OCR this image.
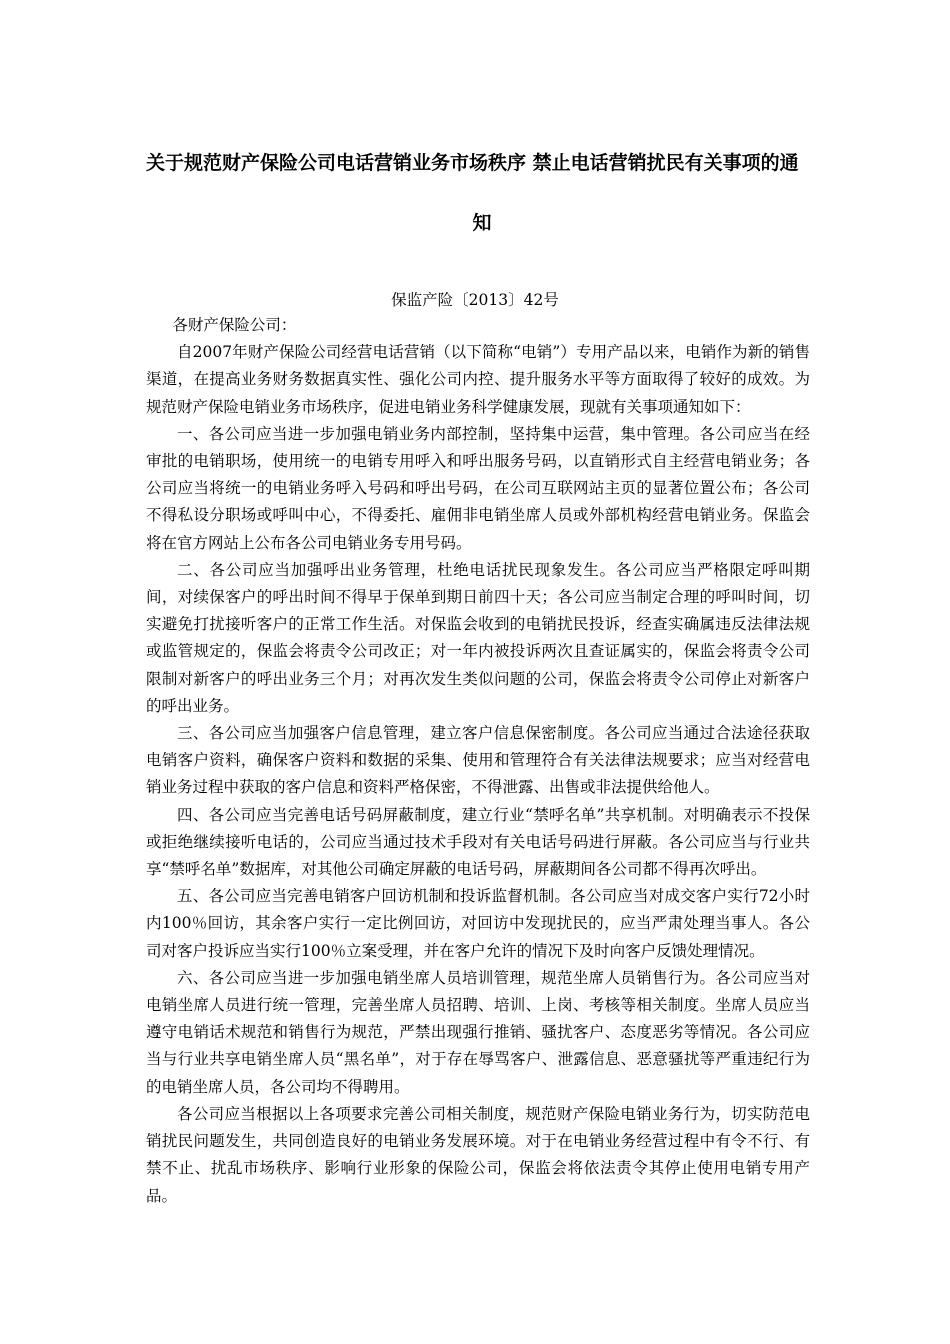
关于规范财产保险公司电话营销业务市场秩序 禁止电话营销扰民有关事项的通
知
保监产险〔2013〕42号

各财产保险公司：

自2007年财产保险公司经营电话营销（以下简称“电销”）专用产品以来，电销作为新的销售渠道，在提高业务财务数据真实性、强化公司内控、提升服务水平等方面取得了较好的成效。为规范财产保险电销业务市场秩序，促进电销业务科学健康发展，现就有关事项通知如下：

一、各公司应当进一步加强电销业务内部控制，坚持集中运营，集中管理。各公司应当在经审批的电销职场，使用统一的电销专用呼入和呼出服务号码，以直销形式自主经营电销业务；各公司应当将统一的电销业务呼入号码和呼出号码，在公司互联网站主页的显著位置公布；各公司不得私设分职场或呼叫中心，不得委托、雇佣非电销坐席人员或外部机构经营电销业务。保监会将在官方网站上公布各公司电销业务专用号码。

二、各公司应当加强呼出业务管理，杜绝电话扰民现象发生。各公司应当严格限定呼叫期间，对续保客户的呼出时间不得早于保单到期日前四十天；各公司应当制定合理的呼叫时间，切实避免打扰接听客户的正常工作生活。对保监会收到的电销扰民投诉，经查实确属违反法律法规或监管规定的，保监会将责令公司改正；对一年内被投诉两次且查证属实的，保监会将责令公司限制对新客户的呼出业务三个月；对再次发生类似问题的公司，保监会将责令公司停止对新客户的呼出业务。

三、各公司应当加强客户信息管理，建立客户信息保密制度。各公司应当通过合法途径获取电销客户资料，确保客户资料和数据的采集、使用和管理符合有关法律法规要求；应当对经营电销业务过程中获取的客户信息和资料严格保密，不得泄露、出售或非法提供给他人。

四、各公司应当完善电话号码屏蔽制度，建立行业“禁呼名单”共享机制。对明确表示不投保或拒绝继续接听电话的，公司应当通过技术手段对有关电话号码进行屏蔽。各公司应当与行业共享“禁呼名单”数据库，对其他公司确定屏蔽的电话号码，屏蔽期间各公司都不得再次呼出。

五、各公司应当完善电销客户回访机制和投诉监督机制。各公司应当对成交客户实行72小时内100％回访，其余客户实行一定比例回访，对回访中发现扰民的，应当严肃处理当事人。各公司对客户投诉应当实行100％立案受理，并在客户允许的情况下及时向客户反馈处理情况。

六、各公司应当进一步加强电销坐席人员培训管理，规范坐席人员销售行为。各公司应当对电销坐席人员进行统一管理，完善坐席人员招聘、培训、上岗、考核等相关制度。坐席人员应当遵守电销话术规范和销售行为规范，严禁出现强行推销、骚扰客户、态度恶劣等情况。各公司应当与行业共享电销坐席人员“黑名单”，对于存在辱骂客户、泄露信息、恶意骚扰等严重违纪行为的电销坐席人员，各公司均不得聘用。

各公司应当根据以上各项要求完善公司相关制度，规范财产保险电销业务行为，切实防范电销扰民问题发生，共同创造良好的电销业务发展环境。对于在电销业务经营过程中有令不行、有禁不止、扰乱市场秩序、影响行业形象的保险公司，保监会将依法责令其停止使用电销专用产品。
